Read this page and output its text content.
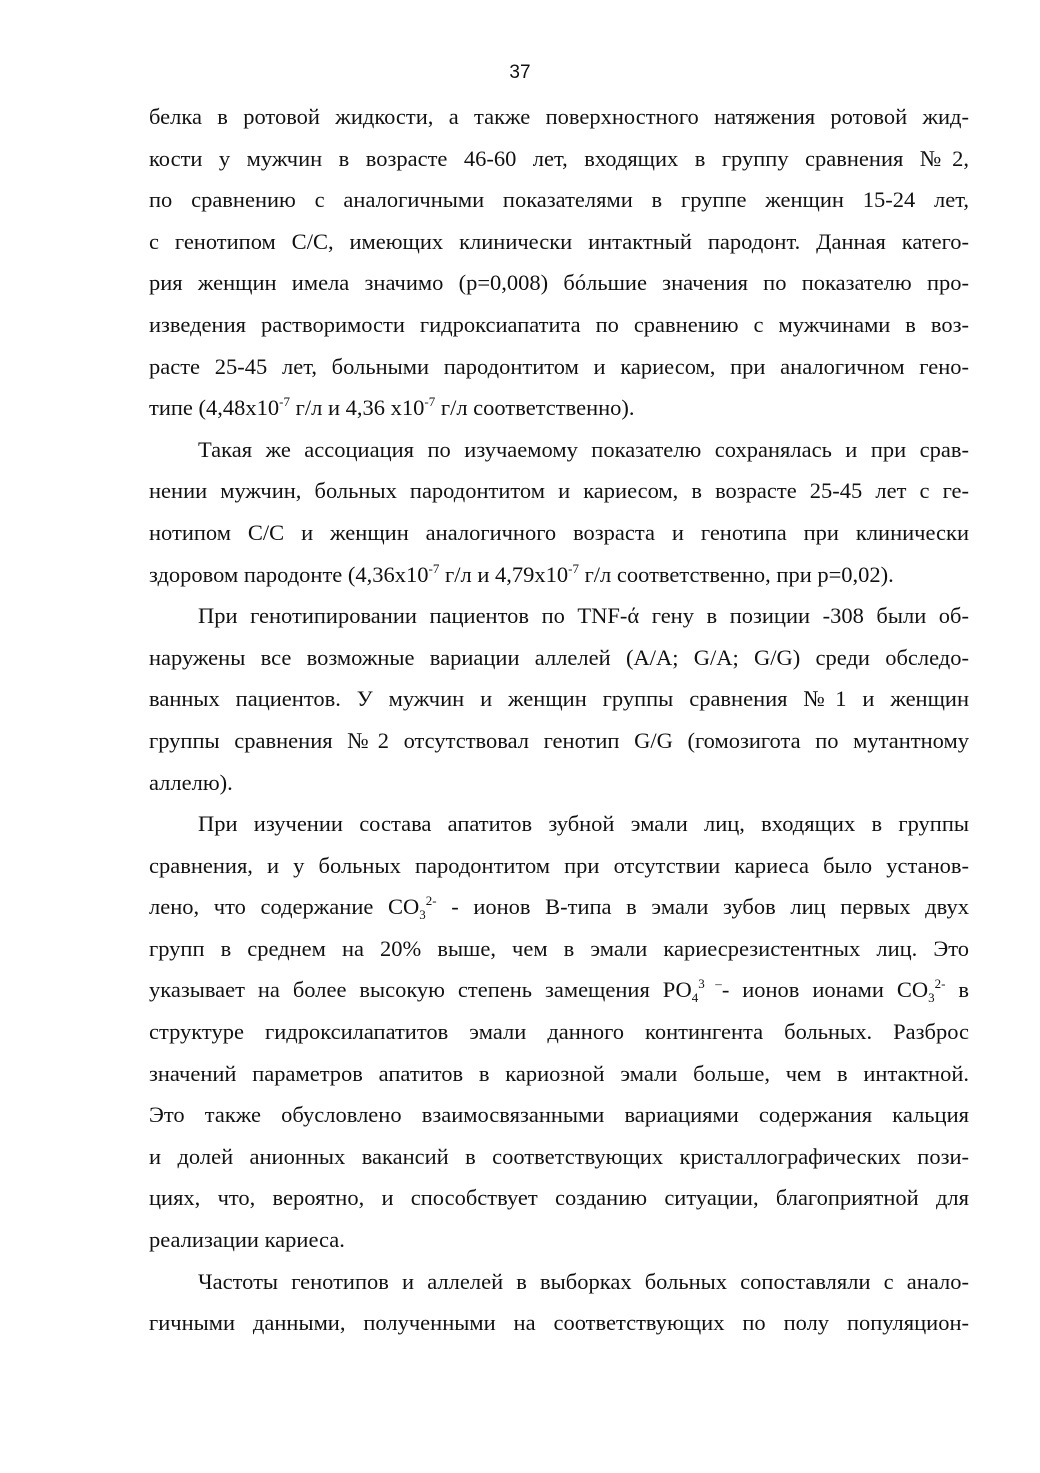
37
белка в ротовой жидкости, а также поверхностного натяжения ротовой жид-
кости у мужчин в возрасте 46-60 лет, входящих в группу сравнения №2,
по сравнению с аналогичными показателями в группе женщин 15-24 лет,
с генотипом С/С, имеющих клинически интактный пародонт. Данная катего-
рия женщин имела значимо (р=0,008) бóльшие значения по показателю про-
изведения растворимости гидроксиапатита по сравнению с мужчинами в воз-
расте 25-45 лет, больными пародонтитом и кариесом, при аналогичном гено-
типе ($4,48х10^{-7}$ г/л и 4,36 $х10^{-7}$ г/л соответственно).
Такая же ассоциация по изучаемому показателю сохранялась и при срав-
нении мужчин, больных пародонтитом и кариесом, в возрасте 25-45 лет с ге-
нотипом С/С и женщин аналогичного возраста и генотипа при клинически
здоровом пародонте ($4,36х10^{-7}$ г/л и $4,79х10^{-7}$ г/л соответственно, при р=0,02).
При генотипировании пациентов по TNF-ά гену в позиции -308 были об-
наружены все возможные вариации аллелей (A/A; G/A; G/G) среди обследо-
ванных пациентов. У мужчин и женщин группы сравнения №1 и женщин
группы сравнения №2 отсутствовал генотип G/G (гомозигота по мутантному
аллелю).
При изучении состава апатитов зубной эмали лиц, входящих в группы
сравнения, и у больных пародонтитом при отсутствии кариеса было установ-
лено, что содержание $СО_3^{2-}$ - ионов В-типа в эмали зубов лиц первых двух
групп в среднем на 20% выше, чем в эмали кариесрезистентных лиц. Это
указывает на более высокую степень замещения $РО_4^{3 -}-$ ионов ионами $СО_3^{2-}$ в
структуре гидроксилапатитов эмали данного контингента больных. Разброс
значений параметров апатитов в кариозной эмали больше, чем в интактной.
Это также обусловлено взаимосвязанными вариациями содержания кальция
и долей анионных вакансий в соответствующих кристаллографических пози-
циях, что, вероятно, и способствует созданию ситуации, благоприятной для
реализации кариеса.
Частоты генотипов и аллелей в выборках больных сопоставляли с анало-
гичными данными, полученными на соответствующих по полу популяцион-
